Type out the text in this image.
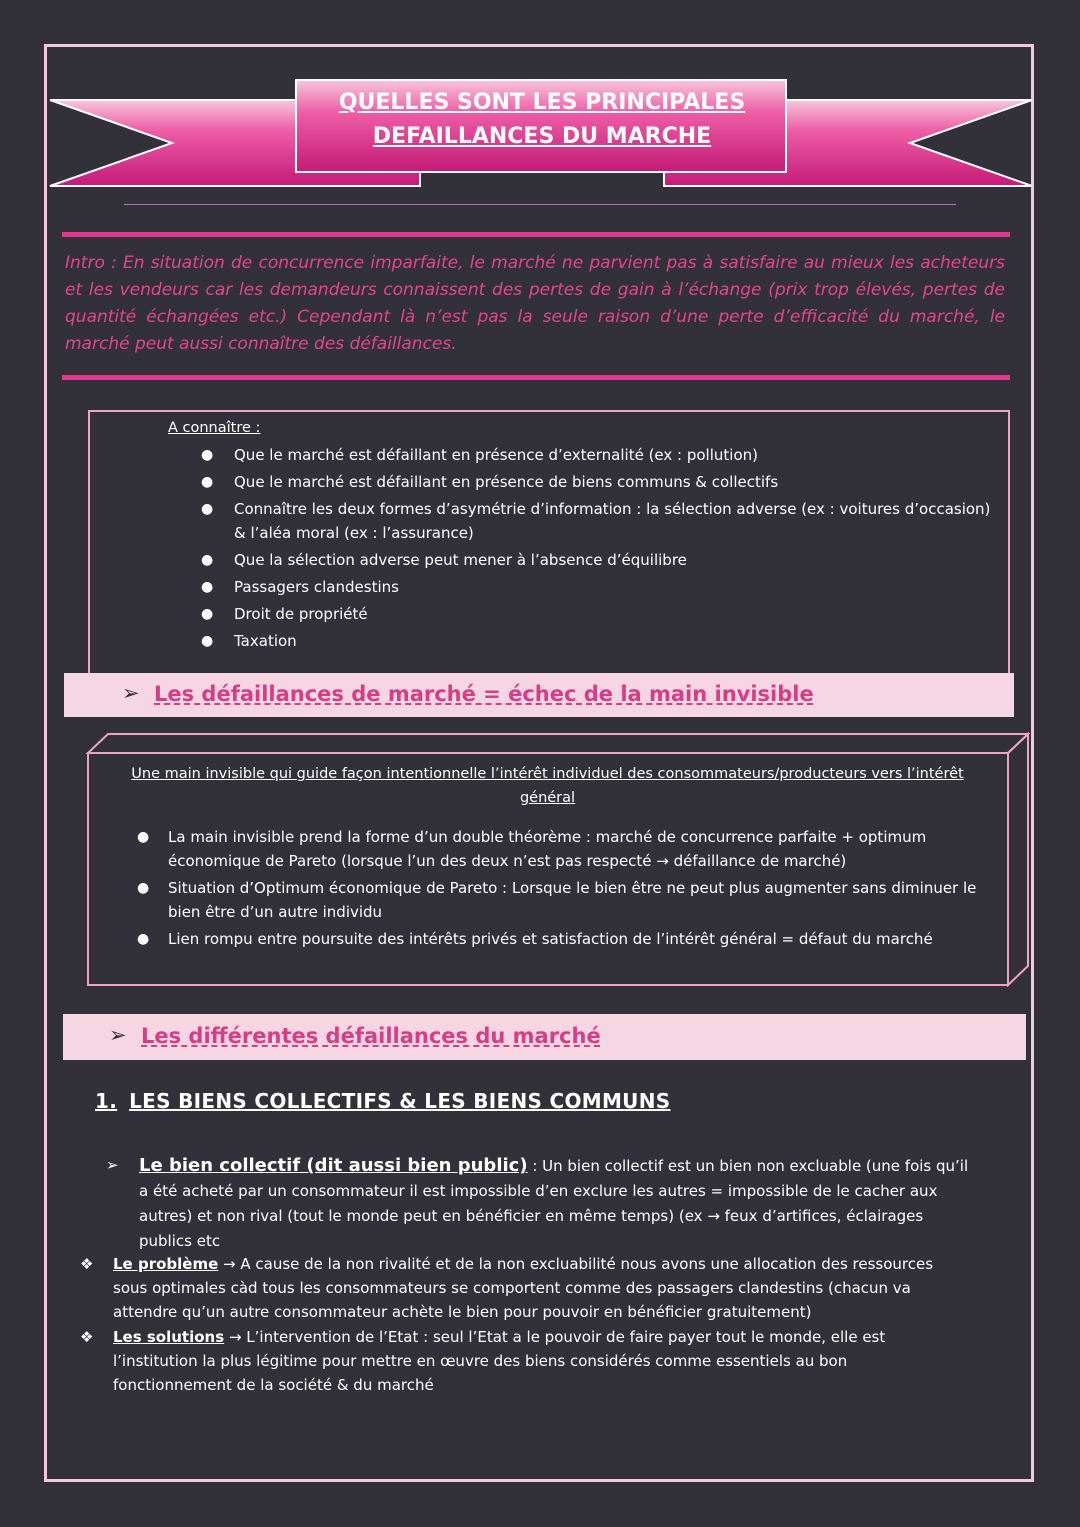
QUELLES SONT LES PRINCIPALES
DEFAILLANCES DU MARCHE
Intro : En situation de concurrence imparfaite, le marché ne parvient pas à satisfaire au mieux les acheteurs et les vendeurs car les demandeurs connaissent des pertes de gain à l’échange (prix trop élevés, pertes de quantité échangées etc.) Cependant là n’est pas la seule raison d’une perte d’efficacité du marché, le marché peut aussi connaître des défaillances.
A connaître :
● Que le marché est défaillant en présence d’externalité (ex : pollution)
● Que le marché est défaillant en présence de biens communs & collectifs
● Connaître les deux formes d’asymétrie d’information : la sélection adverse (ex : voitures d’occasion) & l’aléa moral (ex : l’assurance)
● Que la sélection adverse peut mener à l’absence d’équilibre
● Passagers clandestins
● Droit de propriété
● Taxation
➢ Les défaillances de marché = échec de la main invisible
Une main invisible qui guide façon intentionnelle l’intérêt individuel des consommateurs/producteurs vers l’intérêt général
● La main invisible prend la forme d’un double théorème : marché de concurrence parfaite + optimum économique de Pareto (lorsque l’un des deux n’est pas respecté → défaillance de marché)
● Situation d’Optimum économique de Pareto : Lorsque le bien être ne peut plus augmenter sans diminuer le bien être d’un autre individu
● Lien rompu entre poursuite des intérêts privés et satisfaction de l’intérêt général = défaut du marché
➢ Les différentes défaillances du marché
1. LES BIENS COLLECTIFS & LES BIENS COMMUNS
➢ Le bien collectif (dit aussi bien public) : Un bien collectif est un bien non excluable (une fois qu’il a été acheté par un consommateur il est impossible d’en exclure les autres = impossible de le cacher aux autres) et non rival (tout le monde peut en bénéficier en même temps) (ex → feux d’artifices, éclairages publics etc
❖ Le problème → A cause de la non rivalité et de la non excluabilité nous avons une allocation des ressources sous optimales càd tous les consommateurs se comportent comme des passagers clandestins (chacun va attendre qu’un autre consommateur achète le bien pour pouvoir en bénéficier gratuitement)
❖ Les solutions → L’intervention de l’Etat : seul l’Etat a le pouvoir de faire payer tout le monde, elle est l’institution la plus légitime pour mettre en œuvre des biens considérés comme essentiels au bon fonctionnement de la société & du marché
